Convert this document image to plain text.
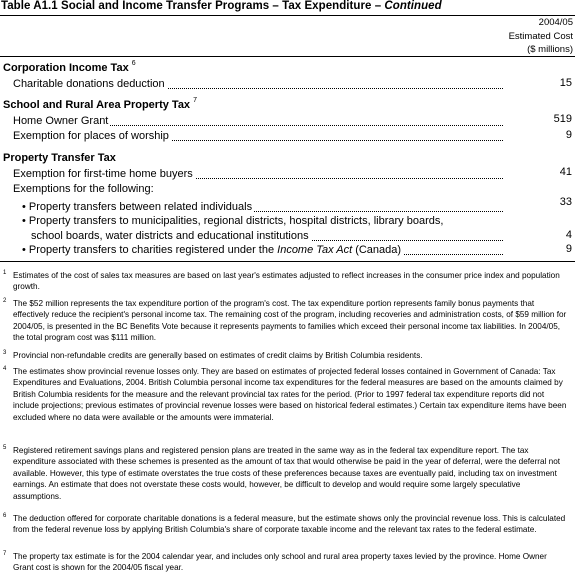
Table A1.1 Social and Income Transfer Programs – Tax Expenditure – Continued
2004/05
Estimated Cost
($ millions)
Corporation Income Tax $^6$
Charitable donations deduction	15
School and Rural Area Property Tax $^7$
Home Owner Grant	519
Exemption for places of worship	9
Property Transfer Tax
Exemption for first-time home buyers	41
Exemptions for the following:
• Property transfers between related individuals	33
• Property transfers to municipalities, regional districts, hospital districts, library boards,
school boards, water districts and educational institutions	4
• Property transfers to charities registered under the Income Tax Act (Canada)	9
1 Estimates of the cost of sales tax measures are based on last year's estimates adjusted to reflect increases in the consumer price index and population growth.
2 The $52 million represents the tax expenditure portion of the program's cost. The tax expenditure portion represents family bonus payments that effectively reduce the recipient's personal income tax. The remaining cost of the program, including recoveries and administration costs, of $59 million for 2004/05, is presented in the BC Benefits Vote because it represents payments to families which exceed their personal income tax liabilities. In 2004/05, the total program cost was $111 million.
3 Provincial non-refundable credits are generally based on estimates of credit claims by British Columbia residents.
4 The estimates show provincial revenue losses only. They are based on estimates of projected federal losses contained in Government of Canada: Tax Expenditures and Evaluations, 2004. British Columbia personal income tax expenditures for the federal measures are based on the amounts claimed by British Columbia residents for the measure and the relevant provincial tax rates for the period. (Prior to 1997 federal tax expenditure reports did not include projections; previous estimates of provincial revenue losses were based on historical federal estimates.) Certain tax expenditure items have been excluded where no data were available or the amounts were immaterial.
5 Registered retirement savings plans and registered pension plans are treated in the same way as in the federal tax expenditure report. The tax expenditure associated with these schemes is presented as the amount of tax that would otherwise be paid in the year of deferral, were the deferral not available. However, this type of estimate overstates the true costs of these preferences because taxes are eventually paid, including tax on investment earnings. An estimate that does not overstate these costs would, however, be difficult to develop and would require some largely speculative assumptions.
6 The deduction offered for corporate charitable donations is a federal measure, but the estimate shows only the provincial revenue loss. This is calculated from the federal revenue loss by applying British Columbia's share of corporate taxable income and the relevant tax rates to the federal estimate.
7 The property tax estimate is for the 2004 calendar year, and includes only school and rural area property taxes levied by the province. Home Owner Grant cost is shown for the 2004/05 fiscal year.
